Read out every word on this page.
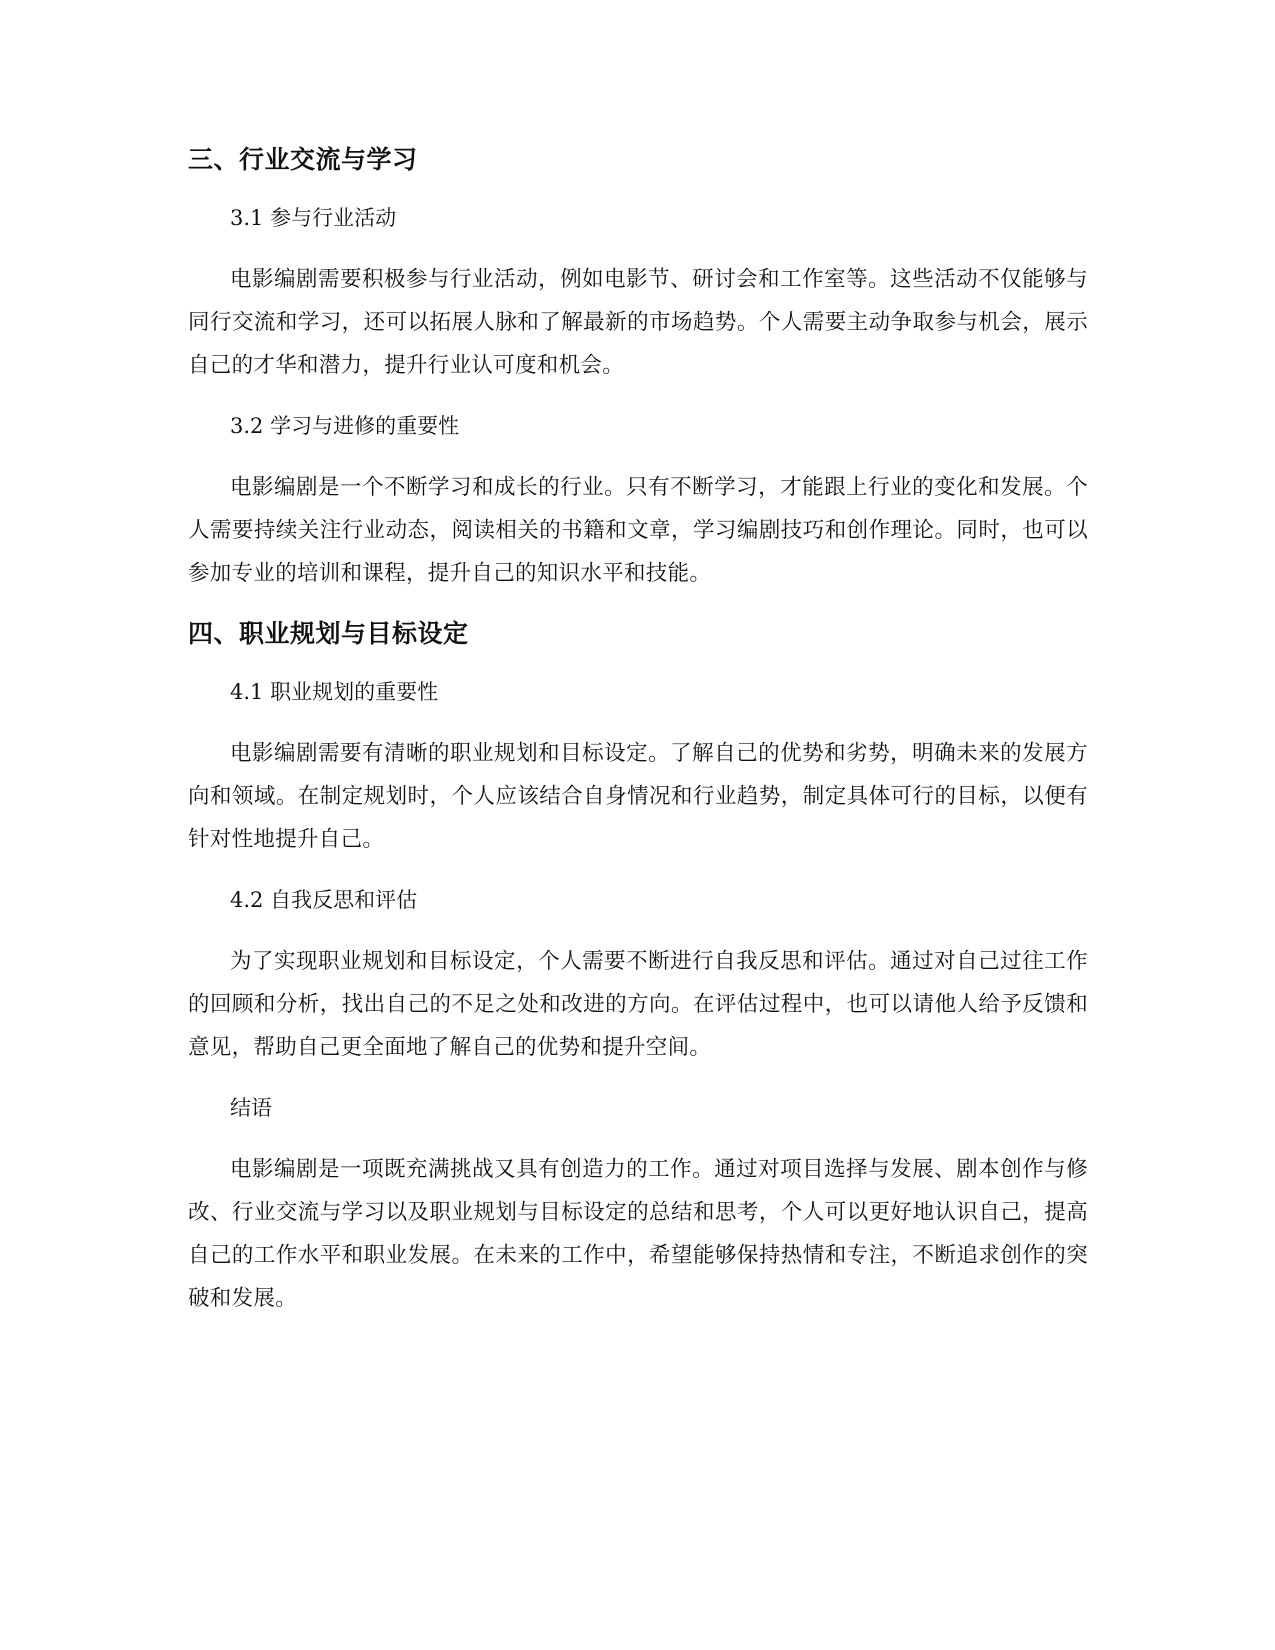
三、行业交流与学习
3.1 参与行业活动
电影编剧需要积极参与行业活动，例如电影节、研讨会和工作室等。这些活动不仅能够与同行交流和学习，还可以拓展人脉和了解最新的市场趋势。个人需要主动争取参与机会，展示自己的才华和潜力，提升行业认可度和机会。
3.2 学习与进修的重要性
电影编剧是一个不断学习和成长的行业。只有不断学习，才能跟上行业的变化和发展。个人需要持续关注行业动态，阅读相关的书籍和文章，学习编剧技巧和创作理论。同时，也可以参加专业的培训和课程，提升自己的知识水平和技能。
四、职业规划与目标设定
4.1 职业规划的重要性
电影编剧需要有清晰的职业规划和目标设定。了解自己的优势和劣势，明确未来的发展方向和领域。在制定规划时，个人应该结合自身情况和行业趋势，制定具体可行的目标，以便有针对性地提升自己。
4.2 自我反思和评估
为了实现职业规划和目标设定，个人需要不断进行自我反思和评估。通过对自己过往工作的回顾和分析，找出自己的不足之处和改进的方向。在评估过程中，也可以请他人给予反馈和意见，帮助自己更全面地了解自己的优势和提升空间。
结语
电影编剧是一项既充满挑战又具有创造力的工作。通过对项目选择与发展、剧本创作与修改、行业交流与学习以及职业规划与目标设定的总结和思考，个人可以更好地认识自己，提高自己的工作水平和职业发展。在未来的工作中，希望能够保持热情和专注，不断追求创作的突破和发展。
